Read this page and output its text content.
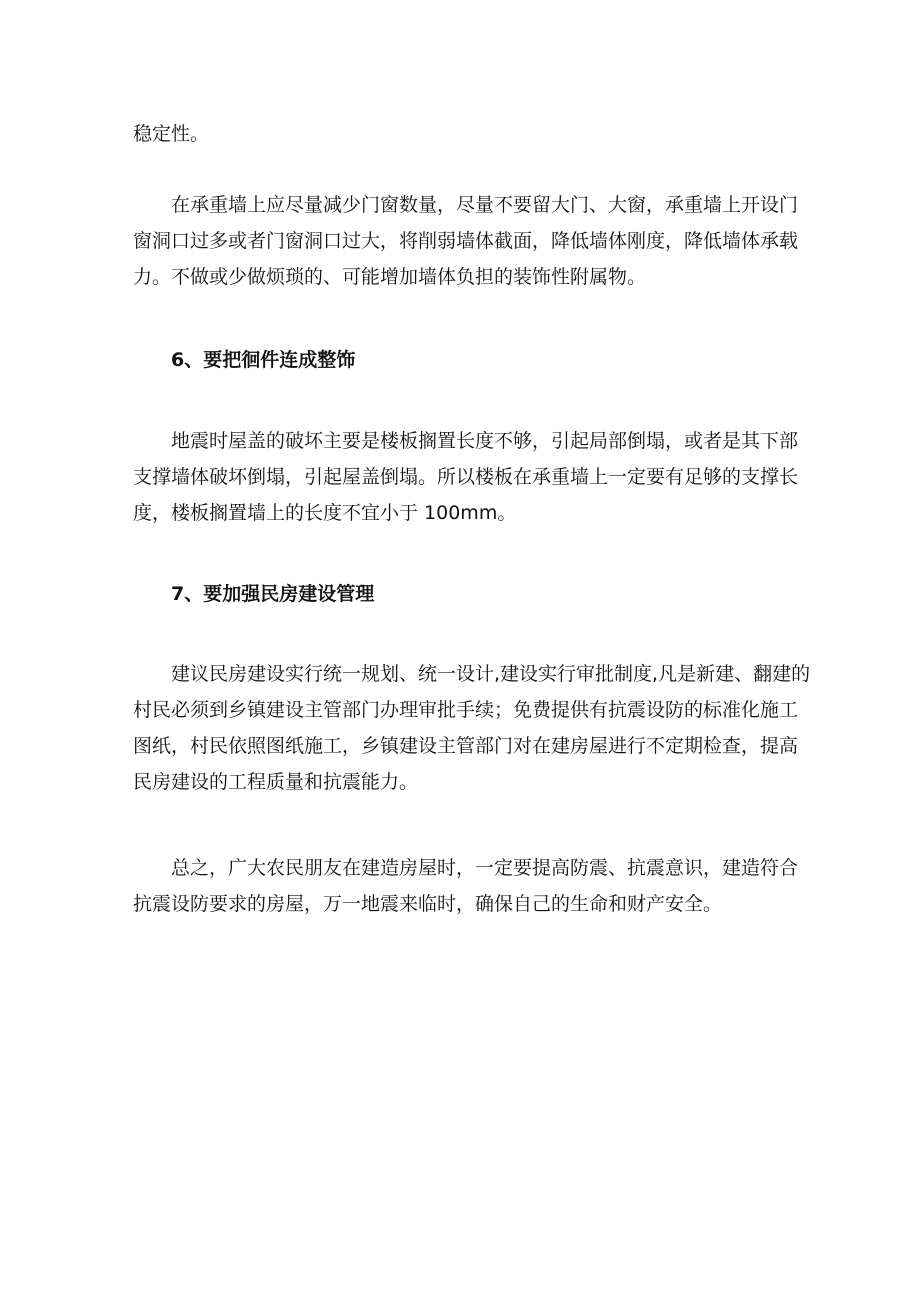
稳定性。
在承重墙上应尽量减少门窗数量，尽量不要留大门、大窗，承重墙上开设门
窗洞口过多或者门窗洞口过大，将削弱墙体截面，降低墙体刚度，降低墙体承载
力。不做或少做烦琐的、可能增加墙体负担的装饰性附属物。
6、要把徊件连成整饰
地震时屋盖的破坏主要是楼板搁置长度不够，引起局部倒塌，或者是其下部
支撑墙体破坏倒塌，引起屋盖倒塌。所以楼板在承重墙上一定要有足够的支撑长
度，楼板搁置墙上的长度不宜小于 100mm。
7、要加强民房建设管理
建议民房建设实行统一规划、统一设计,建设实行审批制度,凡是新建、翻建的
村民必须到乡镇建设主管部门办理审批手续；免费提供有抗震设防的标准化施工
图纸，村民依照图纸施工，乡镇建设主管部门对在建房屋进行不定期检查，提高
民房建设的工程质量和抗震能力。
总之，广大农民朋友在建造房屋时，一定要提高防震、抗震意识，建造符合
抗震设防要求的房屋，万一地震来临时，确保自己的生命和财产安全。
